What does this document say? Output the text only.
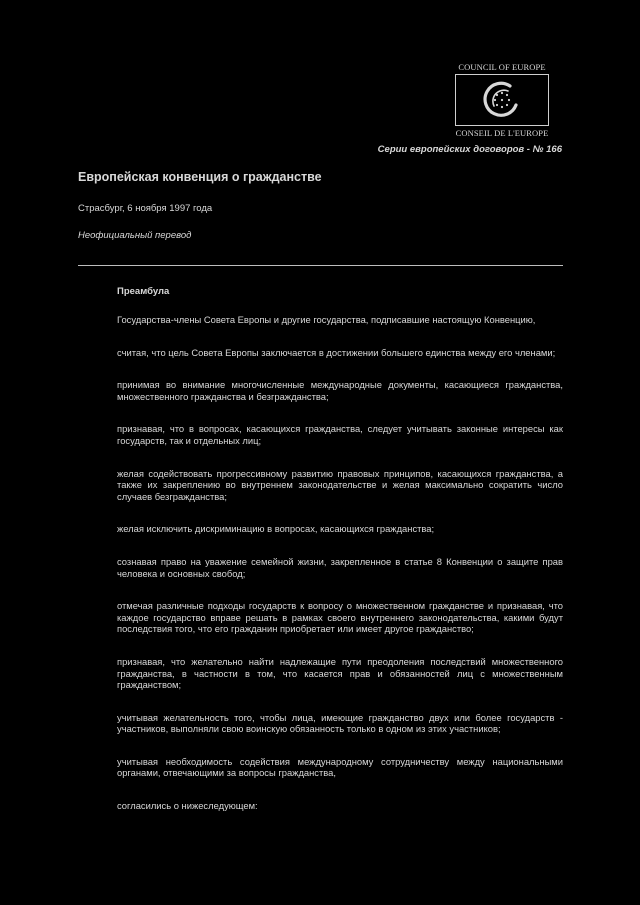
COUNCIL OF EUROPE
CONSEIL DE L'EUROPE
Серии европейских договоров - № 166
Европейская конвенция о гражданстве
Страсбург, 6 ноября 1997 года
Неофициальный перевод
Преамбула

Государства-члены Совета Европы и другие государства, подписавшие настоящую Конвенцию,

считая, что цель Совета Европы заключается в достижении большего единства между его членами;

принимая во внимание многочисленные международные документы, касающиеся гражданства, множественного гражданства и безгражданства;

признавая, что в вопросах, касающихся гражданства, следует учитывать законные интересы как государств, так и отдельных лиц;

желая содействовать прогрессивному развитию правовых принципов, касающихся гражданства, а также их закреплению во внутреннем законодательстве и желая максимально сократить число случаев безгражданства;

желая исключить дискриминацию в вопросах, касающихся гражданства;

сознавая право на уважение семейной жизни, закрепленное в статье 8 Конвенции о защите прав человека и основных свобод;

отмечая различные подходы государств к вопросу о множественном гражданстве и признавая, что каждое государство вправе решать в рамках своего внутреннего законодательства, какими будут последствия того, что его гражданин приобретает или имеет другое гражданство;

признавая, что желательно найти надлежащие пути преодоления последствий множественного гражданства, в частности в том, что касается прав и обязанностей лиц с множественным гражданством;

учитывая желательность того, чтобы лица, имеющие гражданство двух или более государств - участников, выполняли свою воинскую обязанность только в одном из этих участников;

учитывая необходимость содействия международному сотрудничеству между национальными органами, отвечающими за вопросы гражданства,

согласились о нижеследующем:
